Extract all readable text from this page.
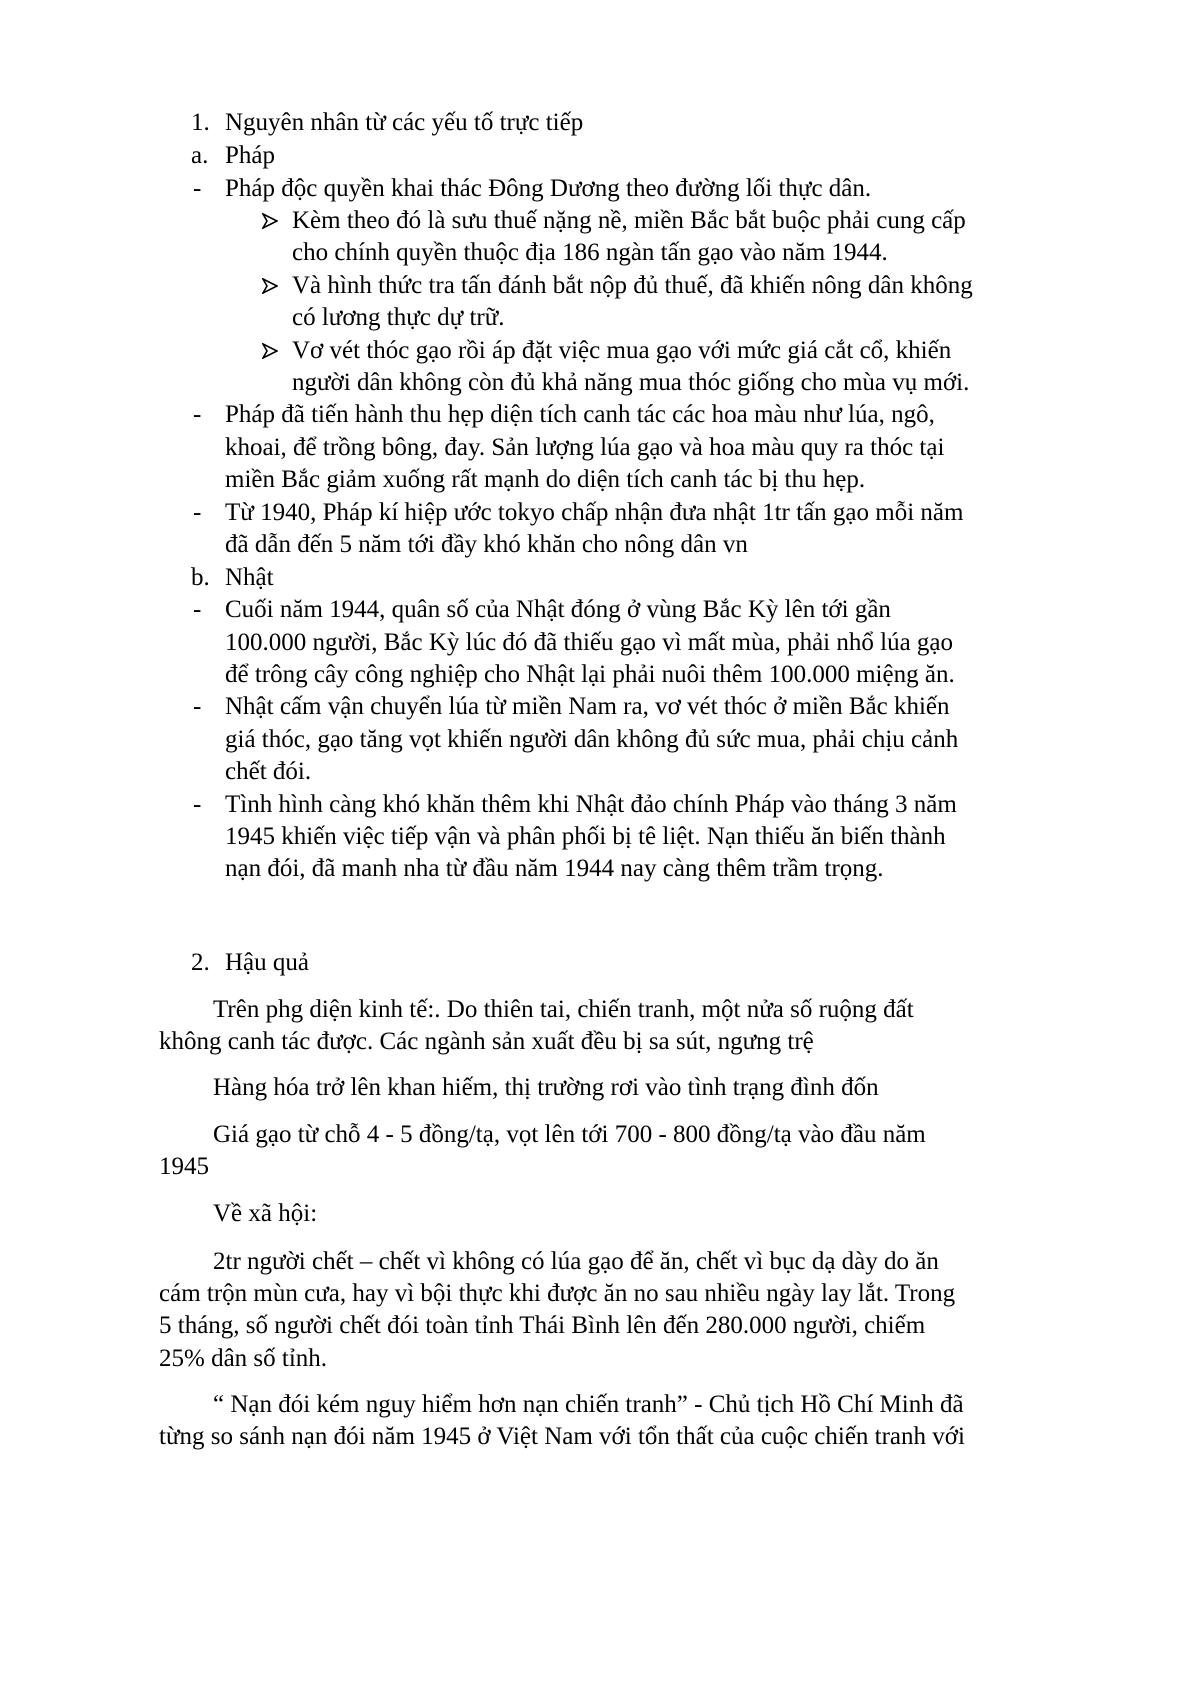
1. Nguyên nhân từ các yếu tố trực tiếp
a. Pháp
- Pháp độc quyền khai thác Đông Dương theo đường lối thực dân.
Kèm theo đó là sưu thuế nặng nề, miền Bắc bắt buộc phải cung cấp
cho chính quyền thuộc địa 186 ngàn tấn gạo vào năm 1944.
Và hình thức tra tấn đánh bắt nộp đủ thuế, đã khiến nông dân không
có lương thực dự trữ.
Vơ vét thóc gạo rồi áp đặt việc mua gạo với mức giá cắt cổ, khiến
người dân không còn đủ khả năng mua thóc giống cho mùa vụ mới.
- Pháp đã tiến hành thu hẹp diện tích canh tác các hoa màu như lúa, ngô,
khoai, để trồng bông, đay. Sản lượng lúa gạo và hoa màu quy ra thóc tại
miền Bắc giảm xuống rất mạnh do diện tích canh tác bị thu hẹp.
- Từ 1940, Pháp kí hiệp ước tokyo chấp nhận đưa nhật 1tr tấn gạo mỗi năm
đã dẫn đến 5 năm tới đầy khó khăn cho nông dân vn
b. Nhật
- Cuối năm 1944, quân số của Nhật đóng ở vùng Bắc Kỳ lên tới gần
100.000 người, Bắc Kỳ lúc đó đã thiếu gạo vì mất mùa, phải nhổ lúa gạo
để trông cây công nghiệp cho Nhật lại phải nuôi thêm 100.000 miệng ăn.
- Nhật cấm vận chuyển lúa từ miền Nam ra, vơ vét thóc ở miền Bắc khiến
giá thóc, gạo tăng vọt khiến người dân không đủ sức mua, phải chịu cảnh
chết đói.
- Tình hình càng khó khăn thêm khi Nhật đảo chính Pháp vào tháng 3 năm
1945 khiến việc tiếp vận và phân phối bị tê liệt. Nạn thiếu ăn biến thành
nạn đói, đã manh nha từ đầu năm 1944 nay càng thêm trầm trọng.
2. Hậu quả
Trên phg diện kinh tế:. Do thiên tai, chiến tranh, một nửa số ruộng đất
không canh tác được. Các ngành sản xuất đều bị sa sút, ngưng trệ
Hàng hóa trở lên khan hiếm, thị trường rơi vào tình trạng đình đốn
Giá gạo từ chỗ 4 - 5 đồng/tạ, vọt lên tới 700 - 800 đồng/tạ vào đầu năm
1945
Về xã hội:
2tr người chết – chết vì không có lúa gạo để ăn, chết vì bục dạ dày do ăn
cám trộn mùn cưa, hay vì bội thực khi được ăn no sau nhiều ngày lay lắt. Trong
5 tháng, số người chết đói toàn tỉnh Thái Bình lên đến 280.000 người, chiếm
25% dân số tỉnh.
“ Nạn đói kém nguy hiểm hơn nạn chiến tranh” - Chủ tịch Hồ Chí Minh đã
từng so sánh nạn đói năm 1945 ở Việt Nam với tổn thất của cuộc chiến tranh với
